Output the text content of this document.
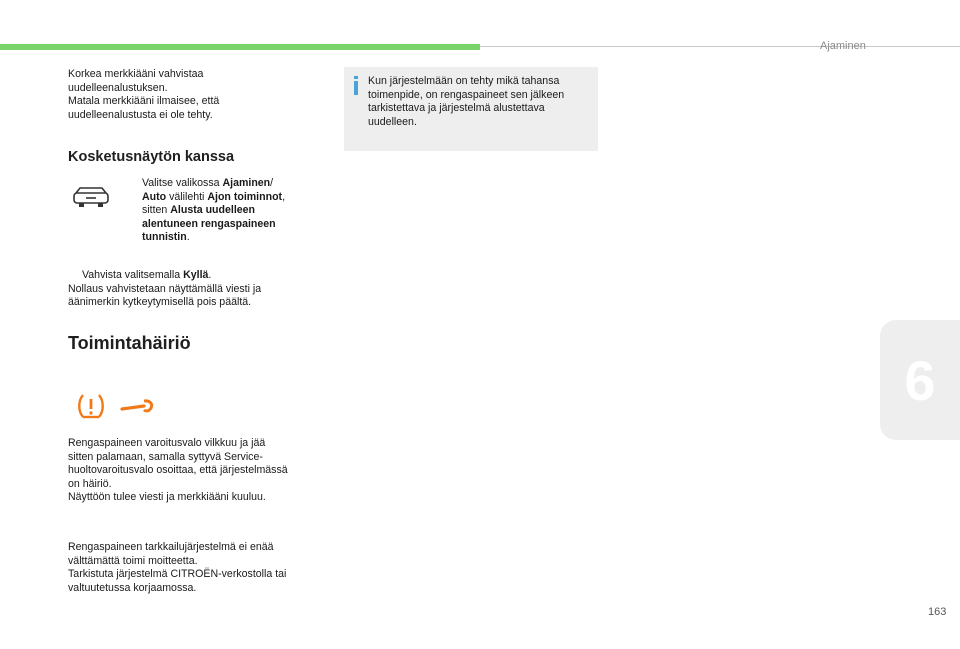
Ajaminen
Korkea merkkiääni vahvistaa
uudelleenalustuksen.
Matala merkkiääni ilmaisee, että
uudelleenalustusta ei ole tehty.
Kosketusnäytön kanssa
Valitse valikossa Ajaminen/
Auto välilehti Ajon toiminnot,
sitten Alusta uudelleen
alentuneen rengaspaineen
tunnistin.
Vahvista valitsemalla Kyllä.
Nollaus vahvistetaan näyttämällä viesti ja
äänimerkin kytkeytymisellä pois päältä.
Toimintahäiriö
Rengaspaineen varoitusvalo vilkkuu ja jää
sitten palamaan, samalla syttyvä Service-
huoltovaroitusvalo osoittaa, että järjestelmässä
on häiriö.
Näyttöön tulee viesti ja merkkiääni kuuluu.
Rengaspaineen tarkkailujärjestelmä ei enää
välttämättä toimi moitteetta.
Tarkistuta järjestelmä CITROËN-verkostolla tai
valtuutetussa korjaamossa.
Kun järjestelmään on tehty mikä tahansa
toimenpide, on rengaspaineet sen jälkeen
tarkistettava ja järjestelmä alustettava
uudelleen.
6
163
